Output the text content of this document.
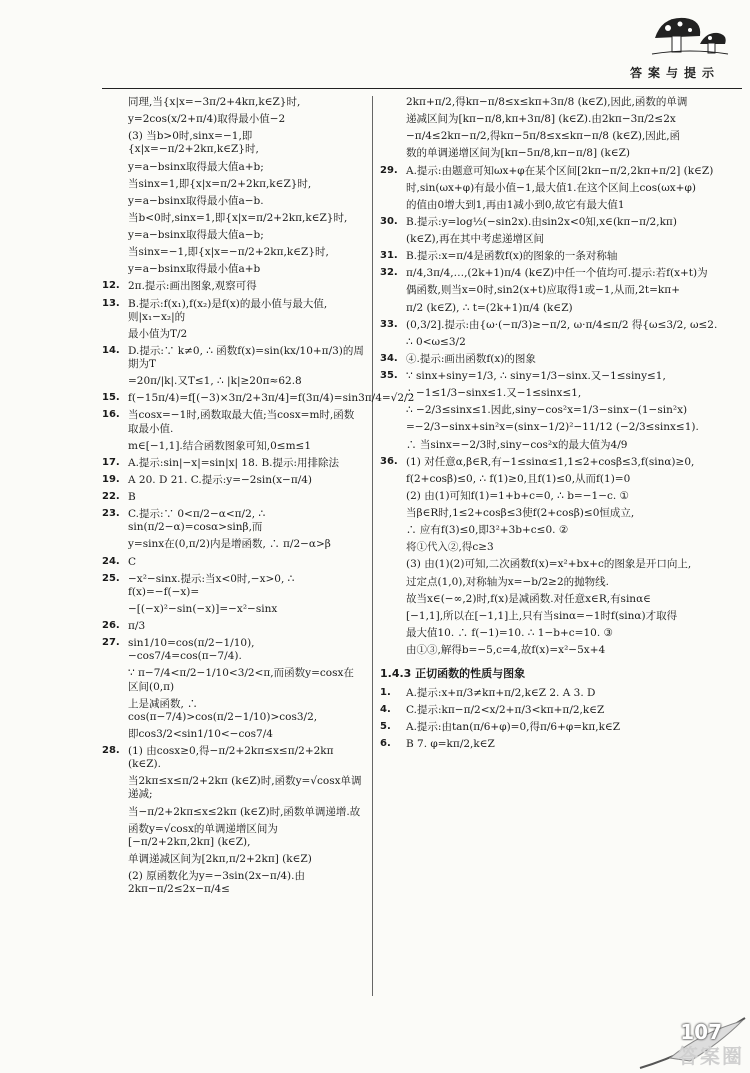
答案与提示
同理,当{x|x=−3π/2+4kπ,k∈Z}时,
y=2cos(x/2+π/4)取得最小值−2
(3) 当b>0时,sinx=−1,即{x|x=−π/2+2kπ,k∈Z}时,
y=a−bsinx取得最大值a+b;
当sinx=1,即{x|x=π/2+2kπ,k∈Z}时,
y=a−bsinx取得最小值a−b.
当b<0时,sinx=1,即{x|x=π/2+2kπ,k∈Z}时,
y=a−bsinx取得最大值a−b;
当sinx=−1,即{x|x=−π/2+2kπ,k∈Z}时,
y=a−bsinx取得最小值a+b
12. 2π.提示:画出图象,观察可得
13. B.提示:f(x₁),f(x₂)是f(x)的最小值与最大值,则|x₁−x₂|的
最小值为T/2
14. D.提示:∵ k≠0, ∴ 函数f(x)=sin(kx/10+π/3)的周期为T
=20π/|k|.又T≤1, ∴ |k|≥20π≈62.8
15. f(−15π/4)=f[(−3)×3π/2+3π/4]=f(3π/4)=sin3π/4=√2/2
16. 当cosx=−1时,函数取最大值;当cosx=m时,函数取最小值.
m∈[−1,1].结合函数图象可知,0≤m≤1
17. A.提示:sin|−x|=sin|x| 18. B.提示:用排除法
19. A 20. D 21. C.提示:y=−2sin(x−π/4)
22. B
23. C.提示:∵ 0<π/2−α<π/2, ∴ sin(π/2−α)=cosα>sinβ,而
y=sinx在(0,π/2)内是增函数, ∴ π/2−α>β
24. C
25. −x²−sinx.提示:当x<0时,−x>0, ∴ f(x)=−f(−x)=
−[(−x)²−sin(−x)]=−x²−sinx
26. π/3
27. sin1/10=cos(π/2−1/10),−cos7/4=cos(π−7/4).
∵ π−7/4<π/2−1/10<3/2<π,而函数y=cosx在区间(0,π)
上是减函数, ∴ cos(π−7/4)>cos(π/2−1/10)>cos3/2,
即cos3/2<sin1/10<−cos7/4
28. (1) 由cosx≥0,得−π/2+2kπ≤x≤π/2+2kπ (k∈Z).
当2kπ≤x≤π/2+2kπ (k∈Z)时,函数y=√cosx单调递减;
当−π/2+2kπ≤x≤2kπ (k∈Z)时,函数单调递增.故
函数y=√cosx的单调递增区间为[−π/2+2kπ,2kπ] (k∈Z),
单调递减区间为[2kπ,π/2+2kπ] (k∈Z)
(2) 原函数化为y=−3sin(2x−π/4).由2kπ−π/2≤2x−π/4≤
2kπ+π/2,得kπ−π/8≤x≤kπ+3π/8 (k∈Z),因此,函数的单调
递减区间为[kπ−π/8,kπ+3π/8] (k∈Z).由2kπ−3π/2≤2x
−π/4≤2kπ−π/2,得kπ−5π/8≤x≤kπ−π/8 (k∈Z),因此,函
数的单调递增区间为[kπ−5π/8,kπ−π/8] (k∈Z)
29. A.提示:由题意可知ωx+φ在某个区间[2kπ−π/2,2kπ+π/2] (k∈Z)
时,sin(ωx+φ)有最小值−1,最大值1.在这个区间上cos(ωx+φ)
的值由0增大到1,再由1减小到0,故它有最大值1
30. B.提示:y=log½(−sin2x).由sin2x<0知,x∈(kπ−π/2,kπ)
(k∈Z),再在其中考虑递增区间
31. B.提示:x=π/4是函数f(x)的图象的一条对称轴
32. π/4,3π/4,…,(2k+1)π/4 (k∈Z)中任一个值均可.提示:若f(x+t)为
偶函数,则当x=0时,sin2(x+t)应取得1或−1,从而,2t=kπ+
π/2 (k∈Z), ∴ t=(2k+1)π/4 (k∈Z)
33. (0,3/2].提示:由{ω·(−π/3)≥−π/2, ω·π/4≤π/2 得{ω≤3/2, ω≤2.
∴ 0<ω≤3/2
34. ④.提示:画出函数f(x)的图象
35. ∵ sinx+siny=1/3, ∴ siny=1/3−sinx.又−1≤siny≤1,
∴ −1≤1/3−sinx≤1.又−1≤sinx≤1,
∴ −2/3≤sinx≤1.因此,siny−cos²x=1/3−sinx−(1−sin²x)
=−2/3−sinx+sin²x=(sinx−1/2)²−11/12 (−2/3≤sinx≤1).
∴ 当sinx=−2/3时,siny−cos²x的最大值为4/9
36. (1) 对任意α,β∈R,有−1≤sinα≤1,1≤2+cosβ≤3,f(sinα)≥0,
f(2+cosβ)≤0, ∴ f(1)≥0,且f(1)≤0,从而f(1)=0
(2) 由(1)可知f(1)=1+b+c=0, ∴ b=−1−c. ①
当β∈R时,1≤2+cosβ≤3使f(2+cosβ)≤0恒成立,
∴ 应有f(3)≤0,即3²+3b+c≤0. ②
将①代入②,得c≥3
(3) 由(1)(2)可知,二次函数f(x)=x²+bx+c的图象是开口向上,
过定点(1,0),对称轴为x=−b/2≥2的抛物线.
故当x∈(−∞,2)时,f(x)是减函数.对任意x∈R,有sinα∈
[−1,1],所以在[−1,1]上,只有当sinα=−1时f(sinα)才取得
最大值10. ∴ f(−1)=10. ∴ 1−b+c=10. ③
由①③,解得b=−5,c=4,故f(x)=x²−5x+4
1.4.3 正切函数的性质与图象
1. A.提示:x+π/3≠kπ+π/2,k∈Z 2. A 3. D
4. C.提示:kπ−π/2<x/2+π/3<kπ+π/2,k∈Z
5. A.提示:由tan(π/6+φ)=0,得π/6+φ=kπ,k∈Z
6. B 7. φ=kπ/2,k∈Z
107
答案圈
